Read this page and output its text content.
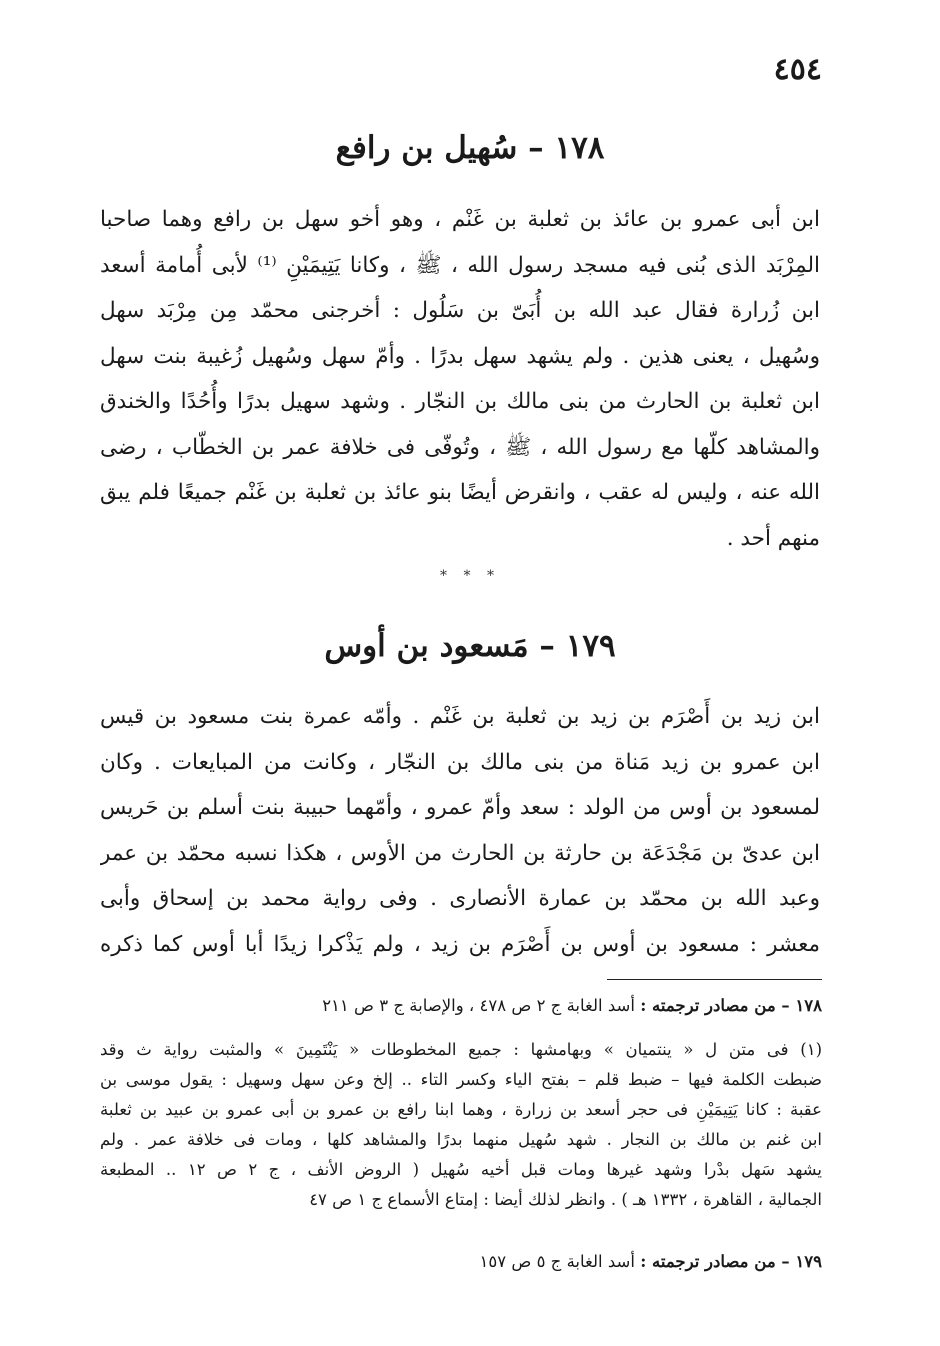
٤٥٤
١٧٨ – سُهيل بن رافع
ابن أبى عمرو بن عائذ بن ثعلبة بن غَنْم ، وهو أخو سهل بن رافع وهما صاحبا
المِرْبَد الذى بُنى فيه مسجد رسول الله ، ﷺ ، وكانا يَتِيمَيْنِ ⁽¹⁾ لأبى أُمامة أسعد
ابن زُرارة فقال عبد الله بن أُبَىّ بن سَلُول : أخرجنى محمّد مِن مِرْبَد سهل
وسُهيل ، يعنى هذين . ولم يشهد سهل بدرًا . وأمّ سهل وسُهيل زُغيبة بنت سهل
ابن ثعلبة بن الحارث من بنى مالك بن النجّار . وشهد سهيل بدرًا وأُحُدًا والخندق
والمشاهد كلّها مع رسول الله ، ﷺ ، وتُوفّى فى خلافة عمر بن الخطّاب ، رضى
الله عنه ، وليس له عقب ، وانقرض أيضًا بنو عائذ بن ثعلبة بن غَنْم جميعًا فلم يبق
منهم أحد .
* * *
١٧٩ – مَسعود بن أوس
ابن زيد بن أَصْرَم بن زيد بن ثعلبة بن غَنْم . وأمّه عمرة بنت مسعود بن قيس
ابن عمرو بن زيد مَناة من بنى مالك بن النجّار ، وكانت من المبايعات . وكان
لمسعود بن أوس من الولد : سعد وأمّ عمرو ، وأمّهما حبيبة بنت أسلم بن حَريس
ابن عدىّ بن مَجْدَعَة بن حارثة بن الحارث من الأوس ، هكذا نسبه محمّد بن عمر
وعبد الله بن محمّد بن عمارة الأنصارى . وفى رواية محمد بن إسحاق وأبى
معشر : مسعود بن أوس بن أَصْرَم بن زيد ، ولم يَذْكرا زيدًا أبا أوس كما ذكره
١٧٨ – من مصادر ترجمته : أسد الغابة ج ٢ ص ٤٧٨ ، والإصابة ج ٣ ص ٢١١
(١) فى متن ل « ينتميان » وبهامشها : جميع المخطوطات « يَنْتَمِينَ » والمثبت رواية ث وقد
ضبطت الكلمة فيها – ضبط قلم – بفتح الياء وكسر التاء .. إلخ وعن سهل وسهيل : يقول موسى بن
عقبة : كانا يَتِيمَيْنِ فى حجر أسعد بن زرارة ، وهما ابنا رافع بن عمرو بن أبى عمرو بن عبيد بن ثعلبة
ابن غنم بن مالك بن النجار . شهد سُهيل منهما بدرًا والمشاهد كلها ، ومات فى خلافة عمر . ولم
يشهد سَهل بدْرا وشهد غيرها ومات قبل أخيه سُهيل ( الروض الأنف ، ج ٢ ص ١٢ .. المطبعة
الجمالية ، القاهرة ، ١٣٣٢ هـ ) . وانظر لذلك أيضا : إمتاع الأسماع ج ١ ص ٤٧
١٧٩ – من مصادر ترجمته : أسد الغابة ج ٥ ص ١٥٧
